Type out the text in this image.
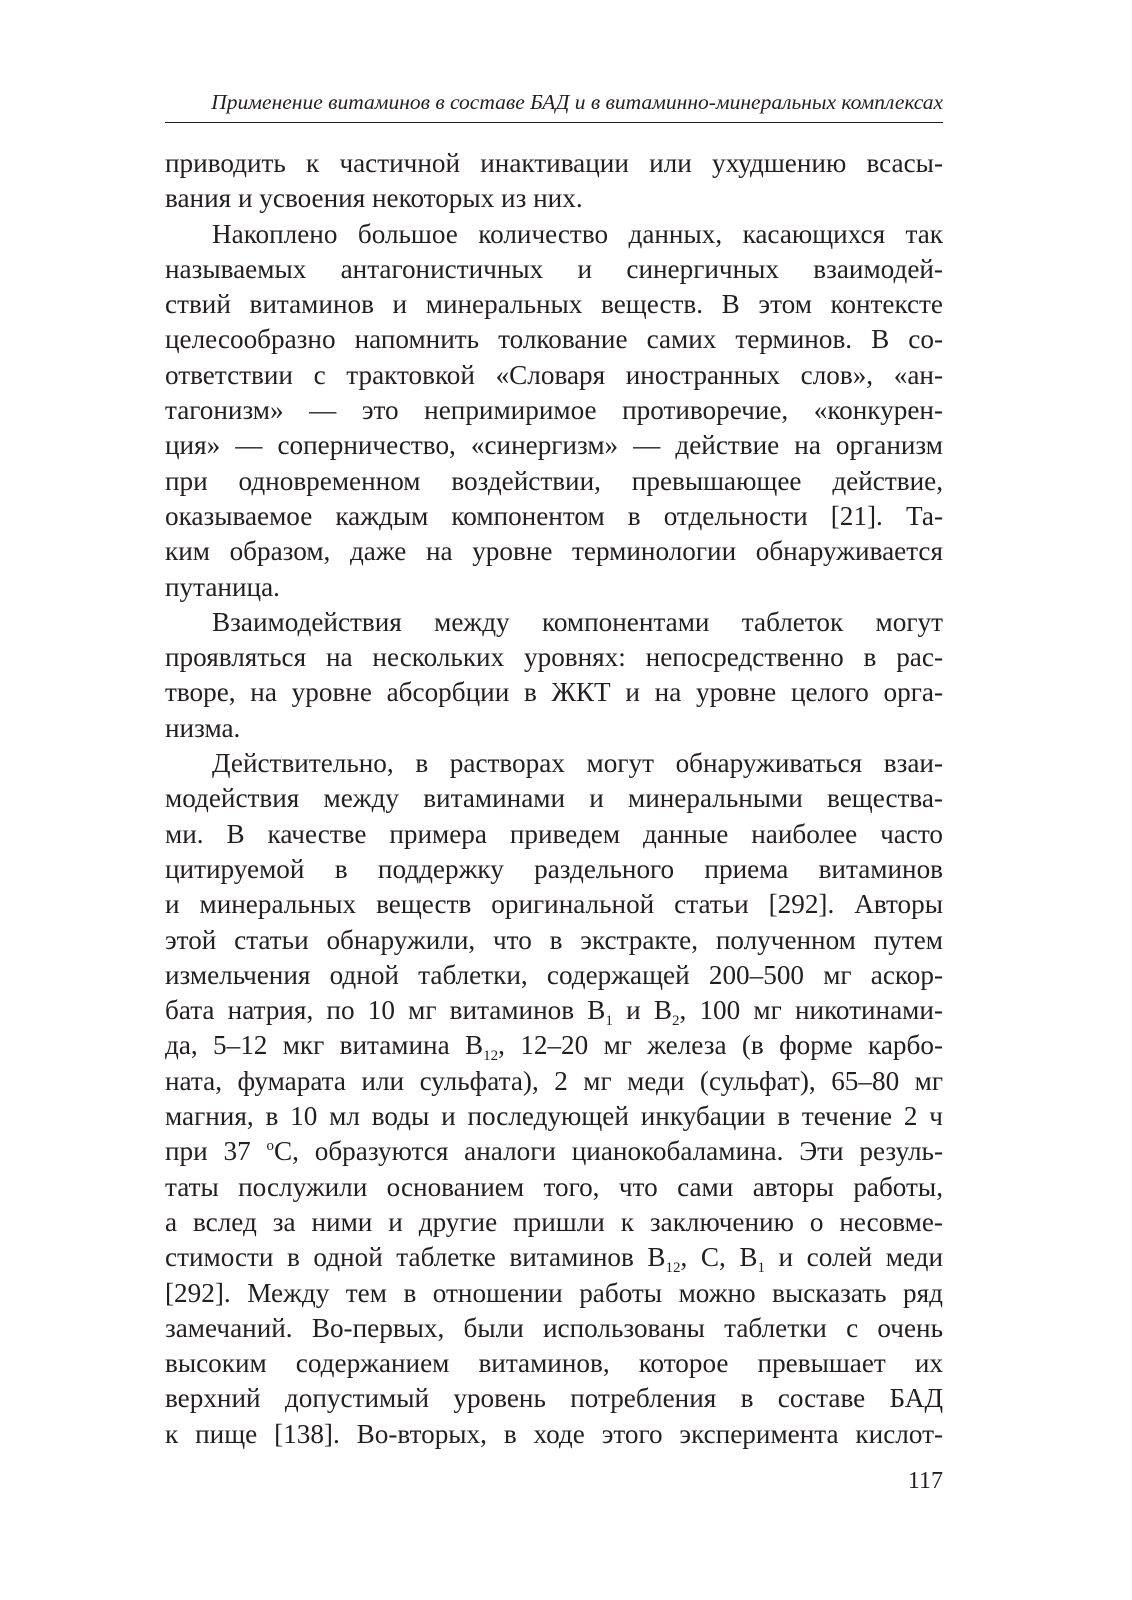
Применение витаминов в составе БАД и в витаминно-минеральных комплексах
приводить к частичной инактивации или ухудшению всасы-
вания и усвоения некоторых из них.
Накоплено большое количество данных, касающихся так
называемых антагонистичных и синергичных взаимодей-
ствий витаминов и минеральных веществ. В этом контексте
целесообразно напомнить толкование самих терминов. В со-
ответствии с трактовкой «Словаря иностранных слов», «ан-
тагонизм» — это непримиримое противоречие, «конкурен-
ция» — соперничество, «синергизм» — действие на организм
при одновременном воздействии, превышающее действие,
оказываемое каждым компонентом в отдельности [21]. Та-
ким образом, даже на уровне терминологии обнаруживается
путаница.
Взаимодействия между компонентами таблеток могут
проявляться на нескольких уровнях: непосредственно в рас-
творе, на уровне абсорбции в ЖКТ и на уровне целого орга-
низма.
Действительно, в растворах могут обнаруживаться взаи-
модействия между витаминами и минеральными вещества-
ми. В качестве примера приведем данные наиболее часто
цитируемой в поддержку раздельного приема витаминов
и минеральных веществ оригинальной статьи [292]. Авторы
этой статьи обнаружили, что в экстракте, полученном путем
измельчения одной таблетки, содержащей 200–500 мг аскор-
бата натрия, по 10 мг витаминов $B_1$ и $B_2$, 100 мг никотинами-
да, 5–12 мкг витамина $B_{12}$, 12–20 мг железа (в форме карбо-
ната, фумарата или сульфата), 2 мг меди (сульфат), 65–80 мг
магния, в 10 мл воды и последующей инкубации в течение 2 ч
при 37 $^o$С, образуются аналоги цианокобаламина. Эти резуль-
таты послужили основанием того, что сами авторы работы,
а вслед за ними и другие пришли к заключению о несовме-
стимости в одной таблетке витаминов $B_{12}$, С, $B_1$ и солей меди
[292]. Между тем в отношении работы можно высказать ряд
замечаний. Во-первых, были использованы таблетки с очень
высоким содержанием витаминов, которое превышает их
верхний допустимый уровень потребления в составе БАД
к пище [138]. Во-вторых, в ходе этого эксперимента кислот-
117
